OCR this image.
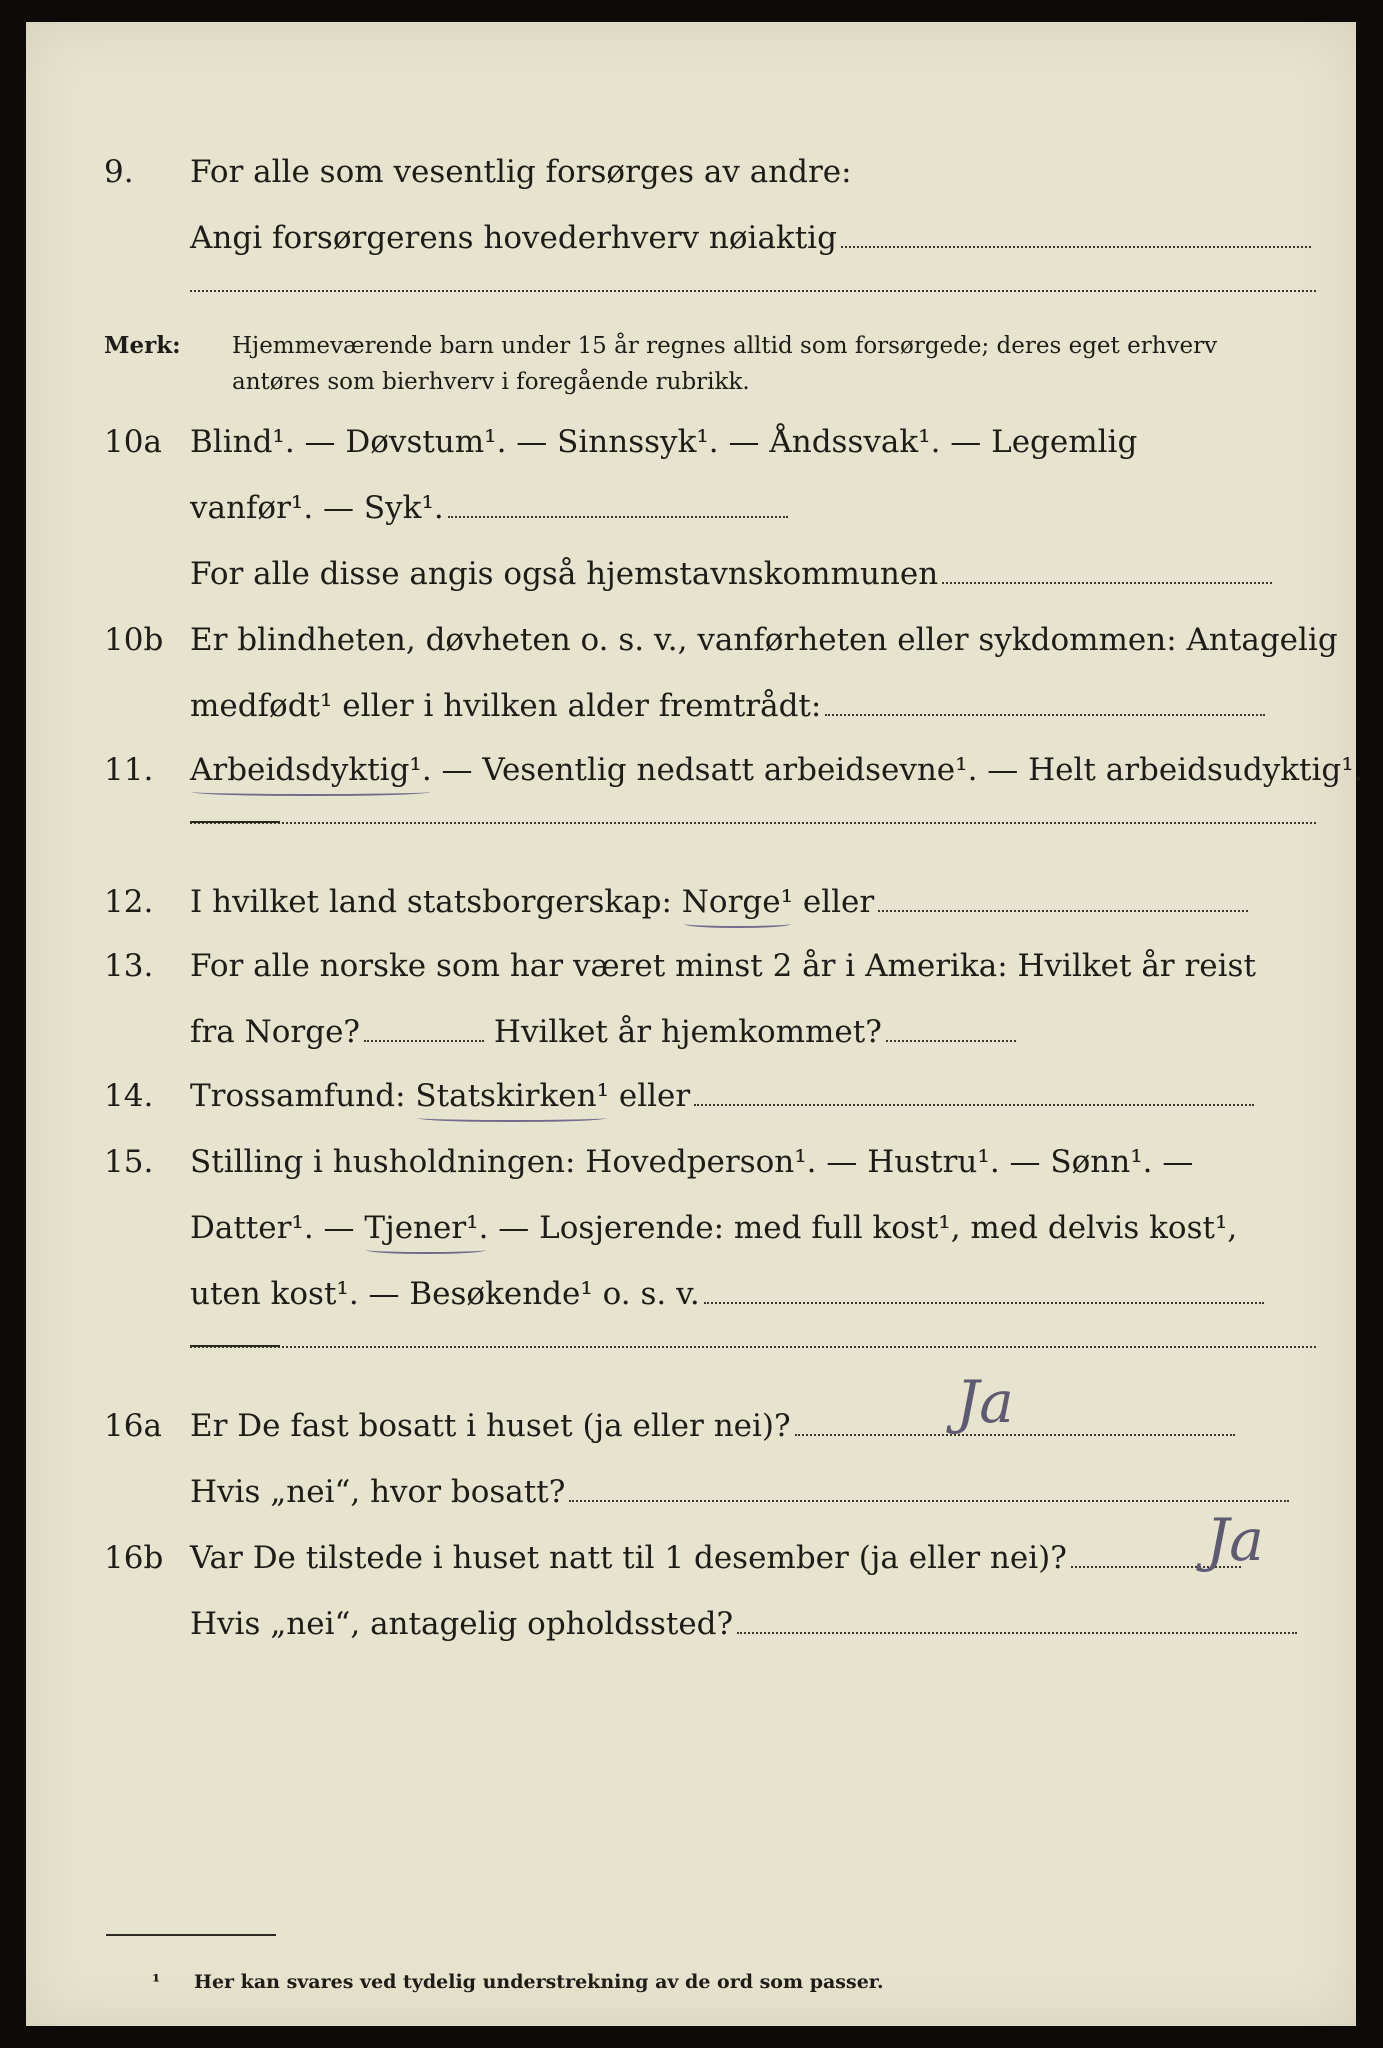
9.	For alle som vesentlig forsørges av andre:
Angi forsørgerens hovederhverv nøiaktig
Merk: Hjemmeværende barn under 15 år regnes alltid som forsørgede; deres eget erhverv
antøres som bierhverv i foregående rubrikk.
10a Blind¹. — Døvstum¹. — Sinnssyk¹. — Åndssvak¹. — Legemlig
vanfør¹. — Syk¹.
For alle disse angis også hjemstavnskommunen
10b Er blindheten, døvheten o. s. v., vanførheten eller sykdommen: Antagelig
medfødt¹ eller i hvilken alder fremtrådt:
11.	Arbeidsdyktig¹. — Vesentlig nedsatt arbeidsevne¹. — Helt arbeidsudyktig¹.
12.	I hvilket land statsborgerskap: Norge¹ eller
13.	For alle norske som har været minst 2 år i Amerika: Hvilket år reist
fra Norge?	Hvilket år hjemkommet?
14.	Trossamfund: Statskirken¹ eller
15.	Stilling i husholdningen: Hovedperson¹. — Hustru¹. — Sønn¹. —
Datter¹. — Tjener¹. — Losjerende: med full kost¹, med delvis kost¹,
uten kost¹. — Besøkende¹ o. s. v.
16a Er De fast bosatt i huset (ja eller nei)?	Ja
Hvis „nei“, hvor bosatt?
16b Var De tilstede i huset natt til 1 desember (ja eller nei)?	Ja
Hvis „nei“, antagelig opholdssted?
¹ Her kan svares ved tydelig understrekning av de ord som passer.
